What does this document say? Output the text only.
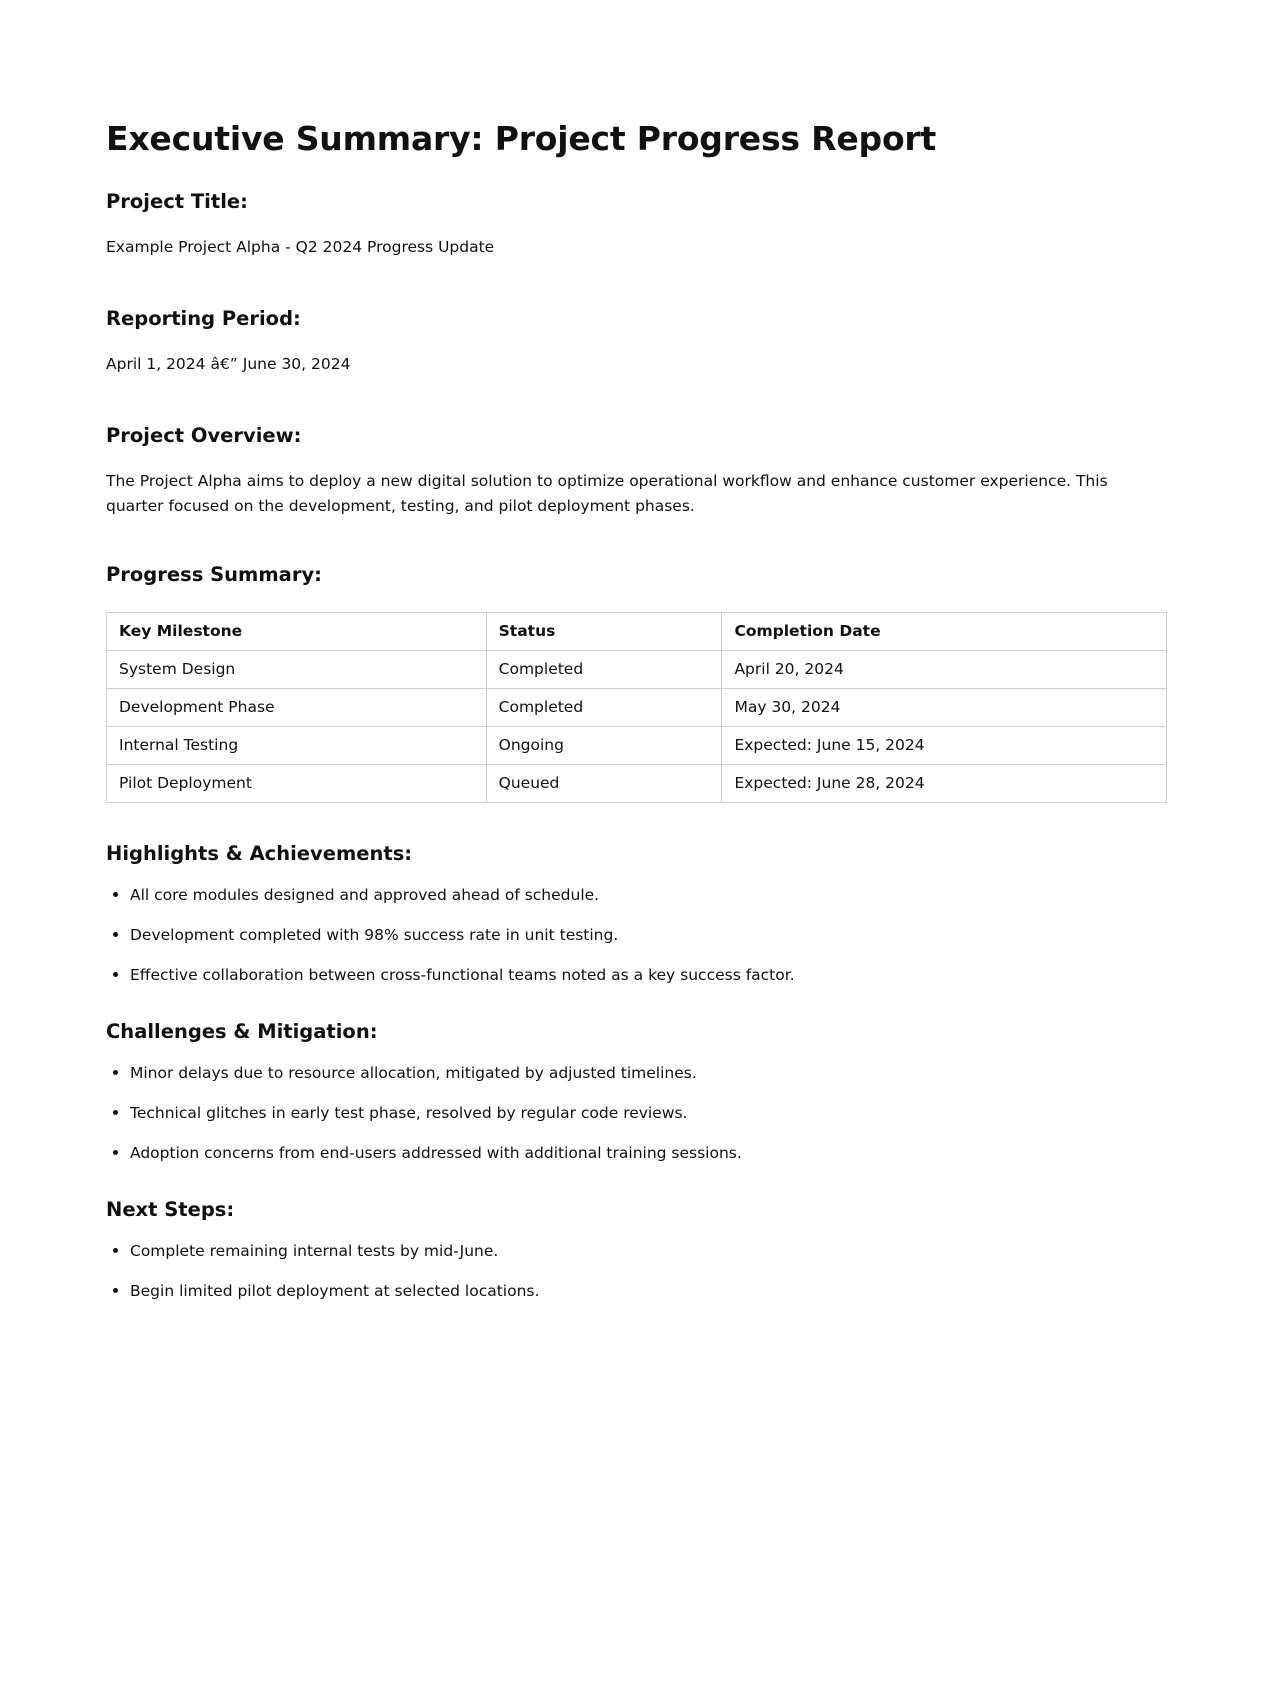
Executive Summary: Project Progress Report
Project Title:

Example Project Alpha - Q2 2024 Progress Update

Reporting Period:

April 1, 2024 â€” June 30, 2024

Project Overview:

The Project Alpha aims to deploy a new digital solution to optimize operational workflow and enhance customer experience. This quarter focused on the development, testing, and pilot deployment phases.

Progress Summary:
Key Milestone	Status	Completion Date
System Design	Completed	April 20, 2024
Development Phase	Completed	May 30, 2024
Internal Testing	Ongoing	Expected: June 15, 2024
Pilot Deployment	Queued	Expected: June 28, 2024
Highlights & Achievements:
• All core modules designed and approved ahead of schedule.
• Development completed with 98% success rate in unit testing.
• Effective collaboration between cross-functional teams noted as a key success factor.
Challenges & Mitigation:
• Minor delays due to resource allocation, mitigated by adjusted timelines.
• Technical glitches in early test phase, resolved by regular code reviews.
• Adoption concerns from end-users addressed with additional training sessions.
Next Steps:
• Complete remaining internal tests by mid-June.
• Begin limited pilot deployment at selected locations.
